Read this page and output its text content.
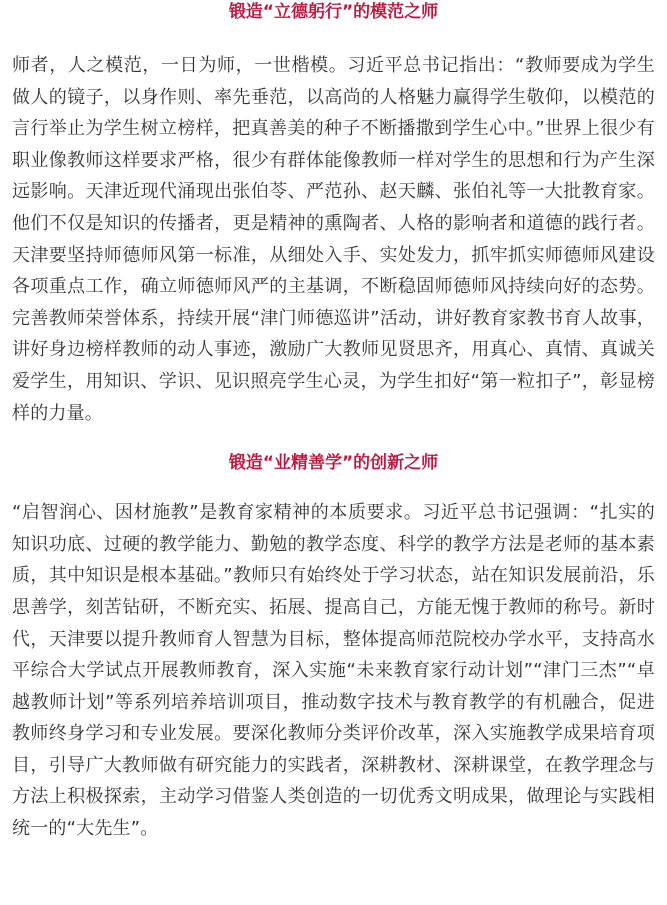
锻造“立德躬行”的模范之师

师者，人之模范，一日为师，一世楷模。习近平总书记指出：“教师要成为学生做人的镜子，以身作则、率先垂范，以高尚的人格魅力赢得学生敬仰，以模范的言行举止为学生树立榜样，把真善美的种子不断播撒到学生心中。”世界上很少有职业像教师这样要求严格，很少有群体能像教师一样对学生的思想和行为产生深远影响。天津近现代涌现出张伯苓、严范孙、赵天麟、张伯礼等一大批教育家。他们不仅是知识的传播者，更是精神的熏陶者、人格的影响者和道德的践行者。天津要坚持师德师风第一标准，从细处入手、实处发力，抓牢抓实师德师风建设各项重点工作，确立师德师风严的主基调，不断稳固师德师风持续向好的态势。完善教师荣誉体系，持续开展“津门师德巡讲”活动，讲好教育家教书育人故事，讲好身边榜样教师的动人事迹，激励广大教师见贤思齐，用真心、真情、真诚关爱学生，用知识、学识、见识照亮学生心灵，为学生扣好“第一粒扣子”，彰显榜样的力量。

锻造“业精善学”的创新之师

“启智润心、因材施教”是教育家精神的本质要求。习近平总书记强调：“扎实的知识功底、过硬的教学能力、勤勉的教学态度、科学的教学方法是老师的基本素质，其中知识是根本基础。”教师只有始终处于学习状态，站在知识发展前沿，乐思善学，刻苦钻研，不断充实、拓展、提高自己，方能无愧于教师的称号。新时代，天津要以提升教师育人智慧为目标，整体提高师范院校办学水平，支持高水平综合大学试点开展教师教育，深入实施“未来教育家行动计划”“津门三杰”“卓越教师计划”等系列培养培训项目，推动数字技术与教育教学的有机融合，促进教师终身学习和专业发展。要深化教师分类评价改革，深入实施教学成果培育项目，引导广大教师做有研究能力的实践者，深耕教材、深耕课堂，在教学理念与方法上积极探索，主动学习借鉴人类创造的一切优秀文明成果，做理论与实践相统一的“大先生”。
